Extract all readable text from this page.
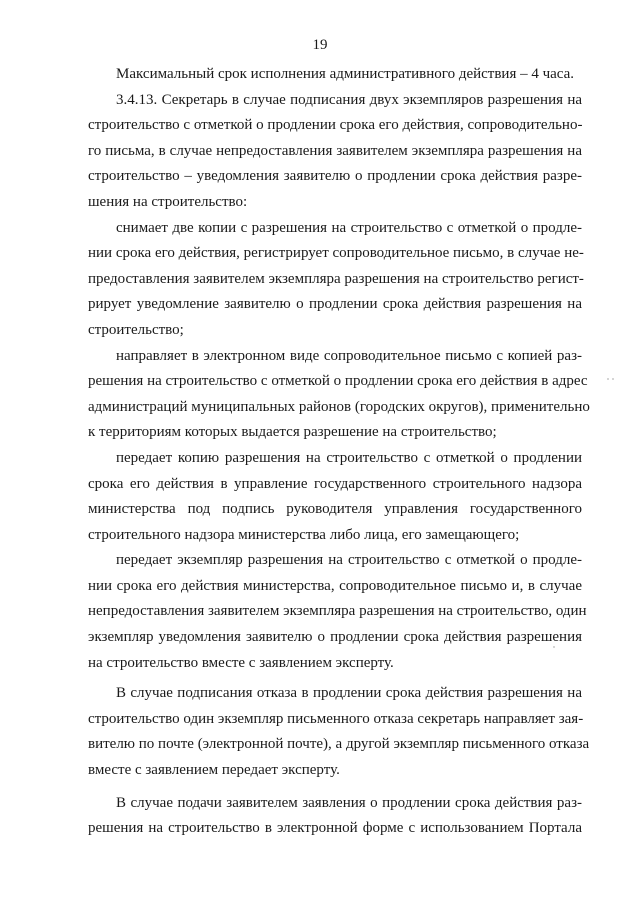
19
Максимальный срок исполнения административного действия – 4 часа.
3.4.13. Секретарь в случае подписания двух экземпляров разрешения на
строительство с отметкой о продлении срока его действия, сопроводительно-
го письма, в случае непредоставления заявителем экземпляра разрешения на
строительство – уведомления заявителю о продлении срока действия разре-
шения на строительство:
снимает две копии с разрешения на строительство с отметкой о продле-
нии срока его действия, регистрирует сопроводительное письмо, в случае не-
предоставления заявителем экземпляра разрешения на строительство регист-
рирует уведомление заявителю о продлении срока действия разрешения на
строительство;
направляет в электронном виде сопроводительное письмо с копией раз-
решения на строительство с отметкой о продлении срока его действия в адрес
администраций муниципальных районов (городских округов), применительно
к территориям которых выдается разрешение на строительство;
передает копию разрешения на строительство с отметкой о продлении
срока его действия в управление государственного строительного надзора
министерства под подпись руководителя управления государственного
строительного надзора министерства либо лица, его замещающего;
передает экземпляр разрешения на строительство с отметкой о продле-
нии срока его действия министерства, сопроводительное письмо и, в случае
непредоставления заявителем экземпляра разрешения на строительство, один
экземпляр уведомления заявителю о продлении срока действия разрешения
на строительство вместе с заявлением эксперту.
В случае подписания отказа в продлении срока действия разрешения на
строительство один экземпляр письменного отказа секретарь направляет зая-
вителю по почте (электронной почте), а другой экземпляр письменного отказа
вместе с заявлением передает эксперту.
В случае подачи заявителем заявления о продлении срока действия раз-
решения на строительство в электронной форме с использованием Портала
